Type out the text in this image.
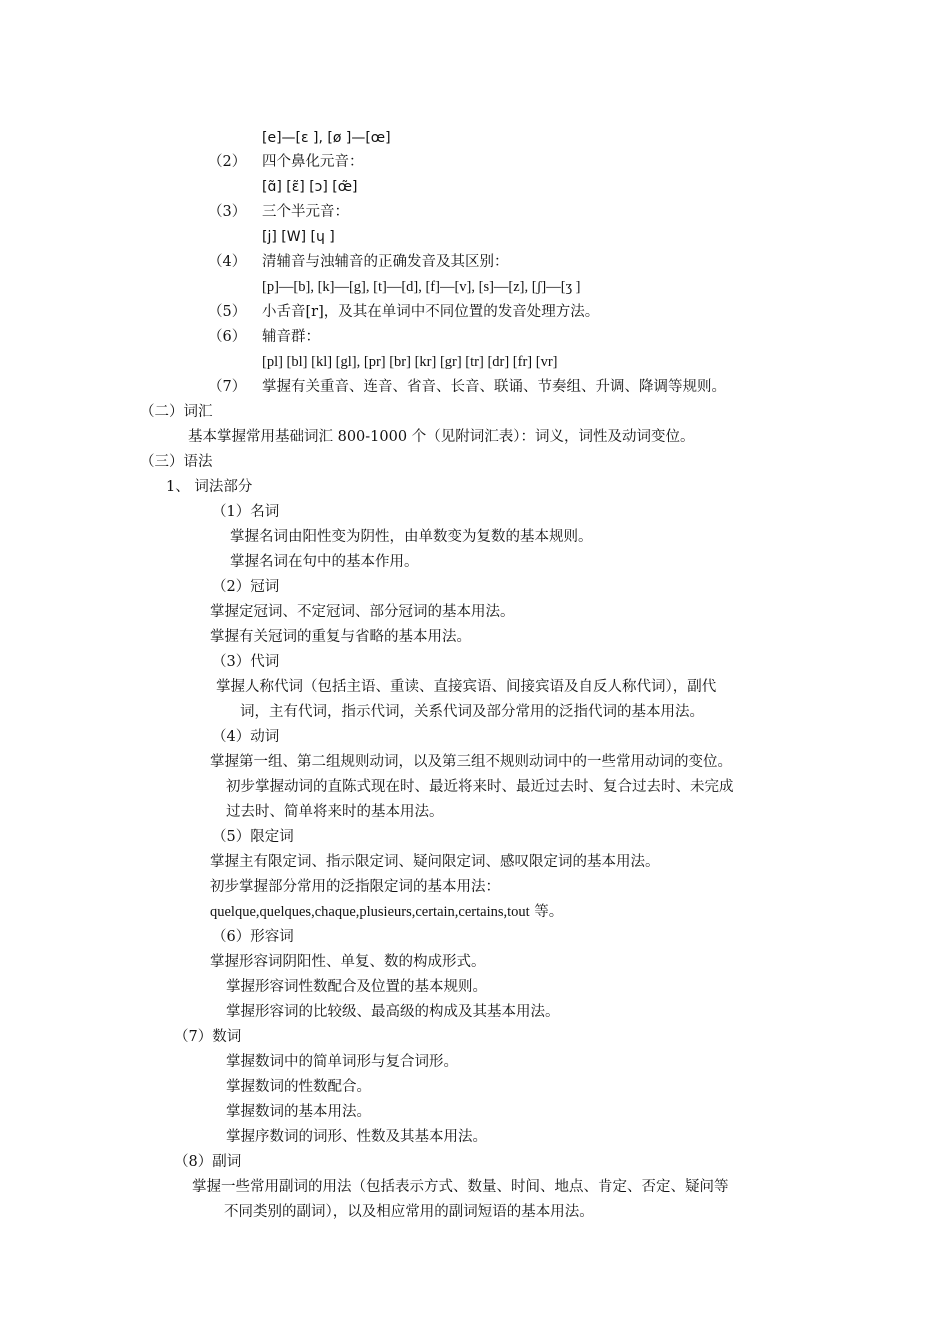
[e]—[ɛ ], [ø ]—[œ]
（2） 四个鼻化元音：
[ɑ̃] [ɛ̃] [ɔ] [œ̃]
（3） 三个半元音：
[j] [W] [ɥ ]
（4） 清辅音与浊辅音的正确发音及其区别：
[p]—[b], [k]—[g], [t]—[d], [f]—[v], [s]—[z], [ʃ]—[ʒ ]
（5） 小舌音[r]，及其在单词中不同位置的发音处理方法。
（6） 辅音群：
[pl] [bl] [kl] [gl], [pr] [br] [kr] [gr] [tr] [dr] [fr] [vr]
（7） 掌握有关重音、连音、省音、长音、联诵、节奏组、升调、降调等规则。
（二）词汇
基本掌握常用基础词汇 800-1000 个（见附词汇表）：词义，词性及动词变位。
（三）语法
1、 词法部分
（1）名词
掌握名词由阳性变为阴性，由单数变为复数的基本规则。
掌握名词在句中的基本作用。
（2）冠词
掌握定冠词、不定冠词、部分冠词的基本用法。
掌握有关冠词的重复与省略的基本用法。
（3）代词
掌握人称代词（包括主语、重读、直接宾语、间接宾语及自反人称代词），副代
词，主有代词，指示代词，关系代词及部分常用的泛指代词的基本用法。
（4）动词
掌握第一组、第二组规则动词，以及第三组不规则动词中的一些常用动词的变位。
初步掌握动词的直陈式现在时、最近将来时、最近过去时、复合过去时、未完成
过去时、简单将来时的基本用法。
（5）限定词
掌握主有限定词、指示限定词、疑问限定词、感叹限定词的基本用法。
初步掌握部分常用的泛指限定词的基本用法：
quelque,quelques,chaque,plusieurs,certain,certains,tout 等。
（6）形容词
掌握形容词阴阳性、单复、数的构成形式。
掌握形容词性数配合及位置的基本规则。
掌握形容词的比较级、最高级的构成及其基本用法。
（7）数词
掌握数词中的简单词形与复合词形。
掌握数词的性数配合。
掌握数词的基本用法。
掌握序数词的词形、性数及其基本用法。
（8）副词
掌握一些常用副词的用法（包括表示方式、数量、时间、地点、肯定、否定、疑问等
不同类别的副词），以及相应常用的副词短语的基本用法。
